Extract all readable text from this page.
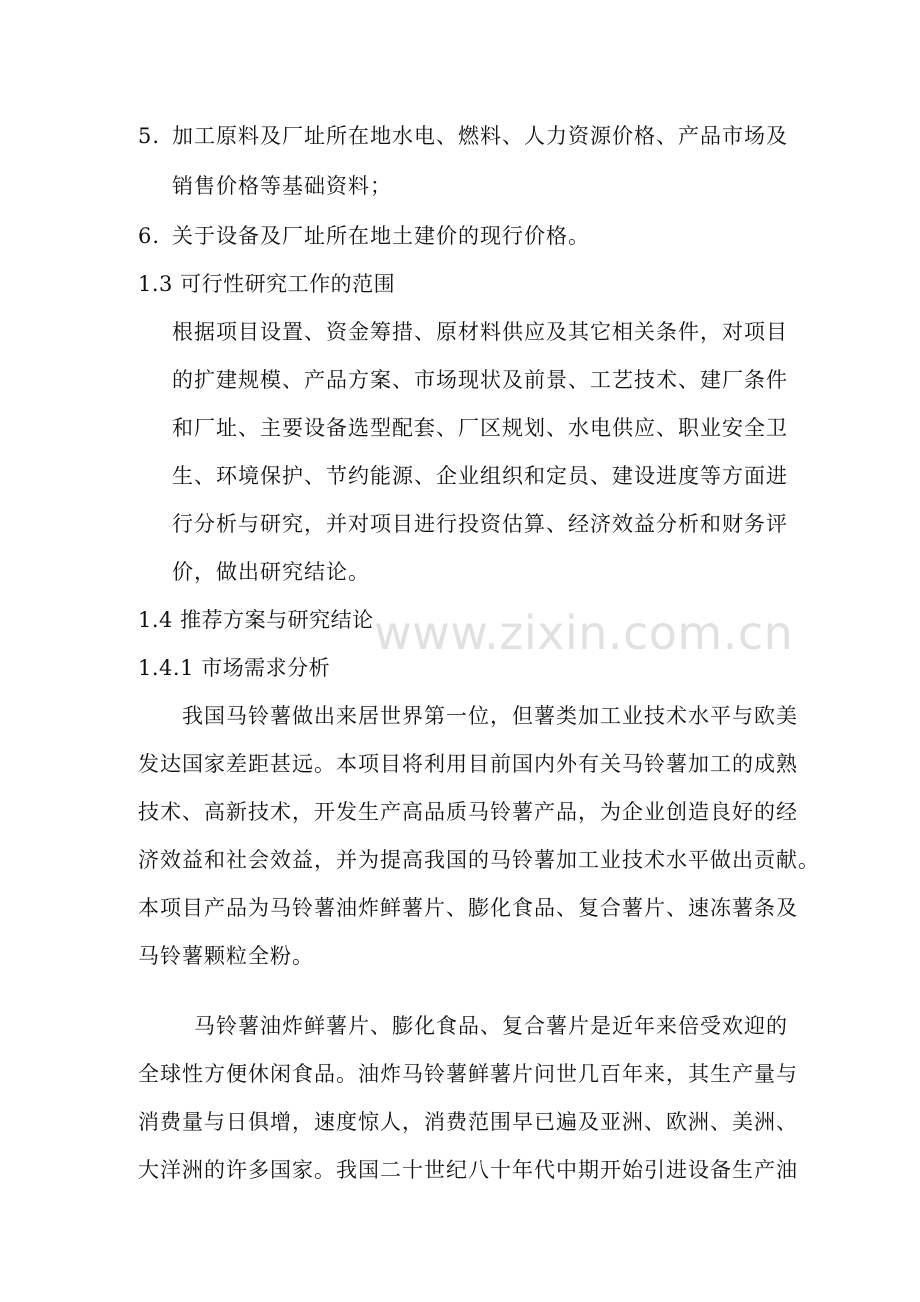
5. 加工原料及厂址所在地水电、燃料、人力资源价格、产品市场及
销售价格等基础资料；
6. 关于设备及厂址所在地土建价的现行价格。
1.3 可行性研究工作的范围
根据项目设置、资金筹措、原材料供应及其它相关条件，对项目
的扩建规模、产品方案、市场现状及前景、工艺技术、建厂条件
和厂址、主要设备选型配套、厂区规划、水电供应、职业安全卫
生、环境保护、节约能源、企业组织和定员、建设进度等方面进
行分析与研究，并对项目进行投资估算、经济效益分析和财务评
价，做出研究结论。
www.zixin.com.cn
1.4 推荐方案与研究结论
1.4.1 市场需求分析
我国马铃薯做出来居世界第一位，但薯类加工业技术水平与欧美
发达国家差距甚远。本项目将利用目前国内外有关马铃薯加工的成熟
技术、高新技术，开发生产高品质马铃薯产品，为企业创造良好的经
济效益和社会效益，并为提高我国的马铃薯加工业技术水平做出贡献。
本项目产品为马铃薯油炸鲜薯片、膨化食品、复合薯片、速冻薯条及
马铃薯颗粒全粉。
马铃薯油炸鲜薯片、膨化食品、复合薯片是近年来倍受欢迎的
全球性方便休闲食品。油炸马铃薯鲜薯片问世几百年来，其生产量与
消费量与日俱增，速度惊人，消费范围早已遍及亚洲、欧洲、美洲、
大洋洲的许多国家。我国二十世纪八十年代中期开始引进设备生产油
